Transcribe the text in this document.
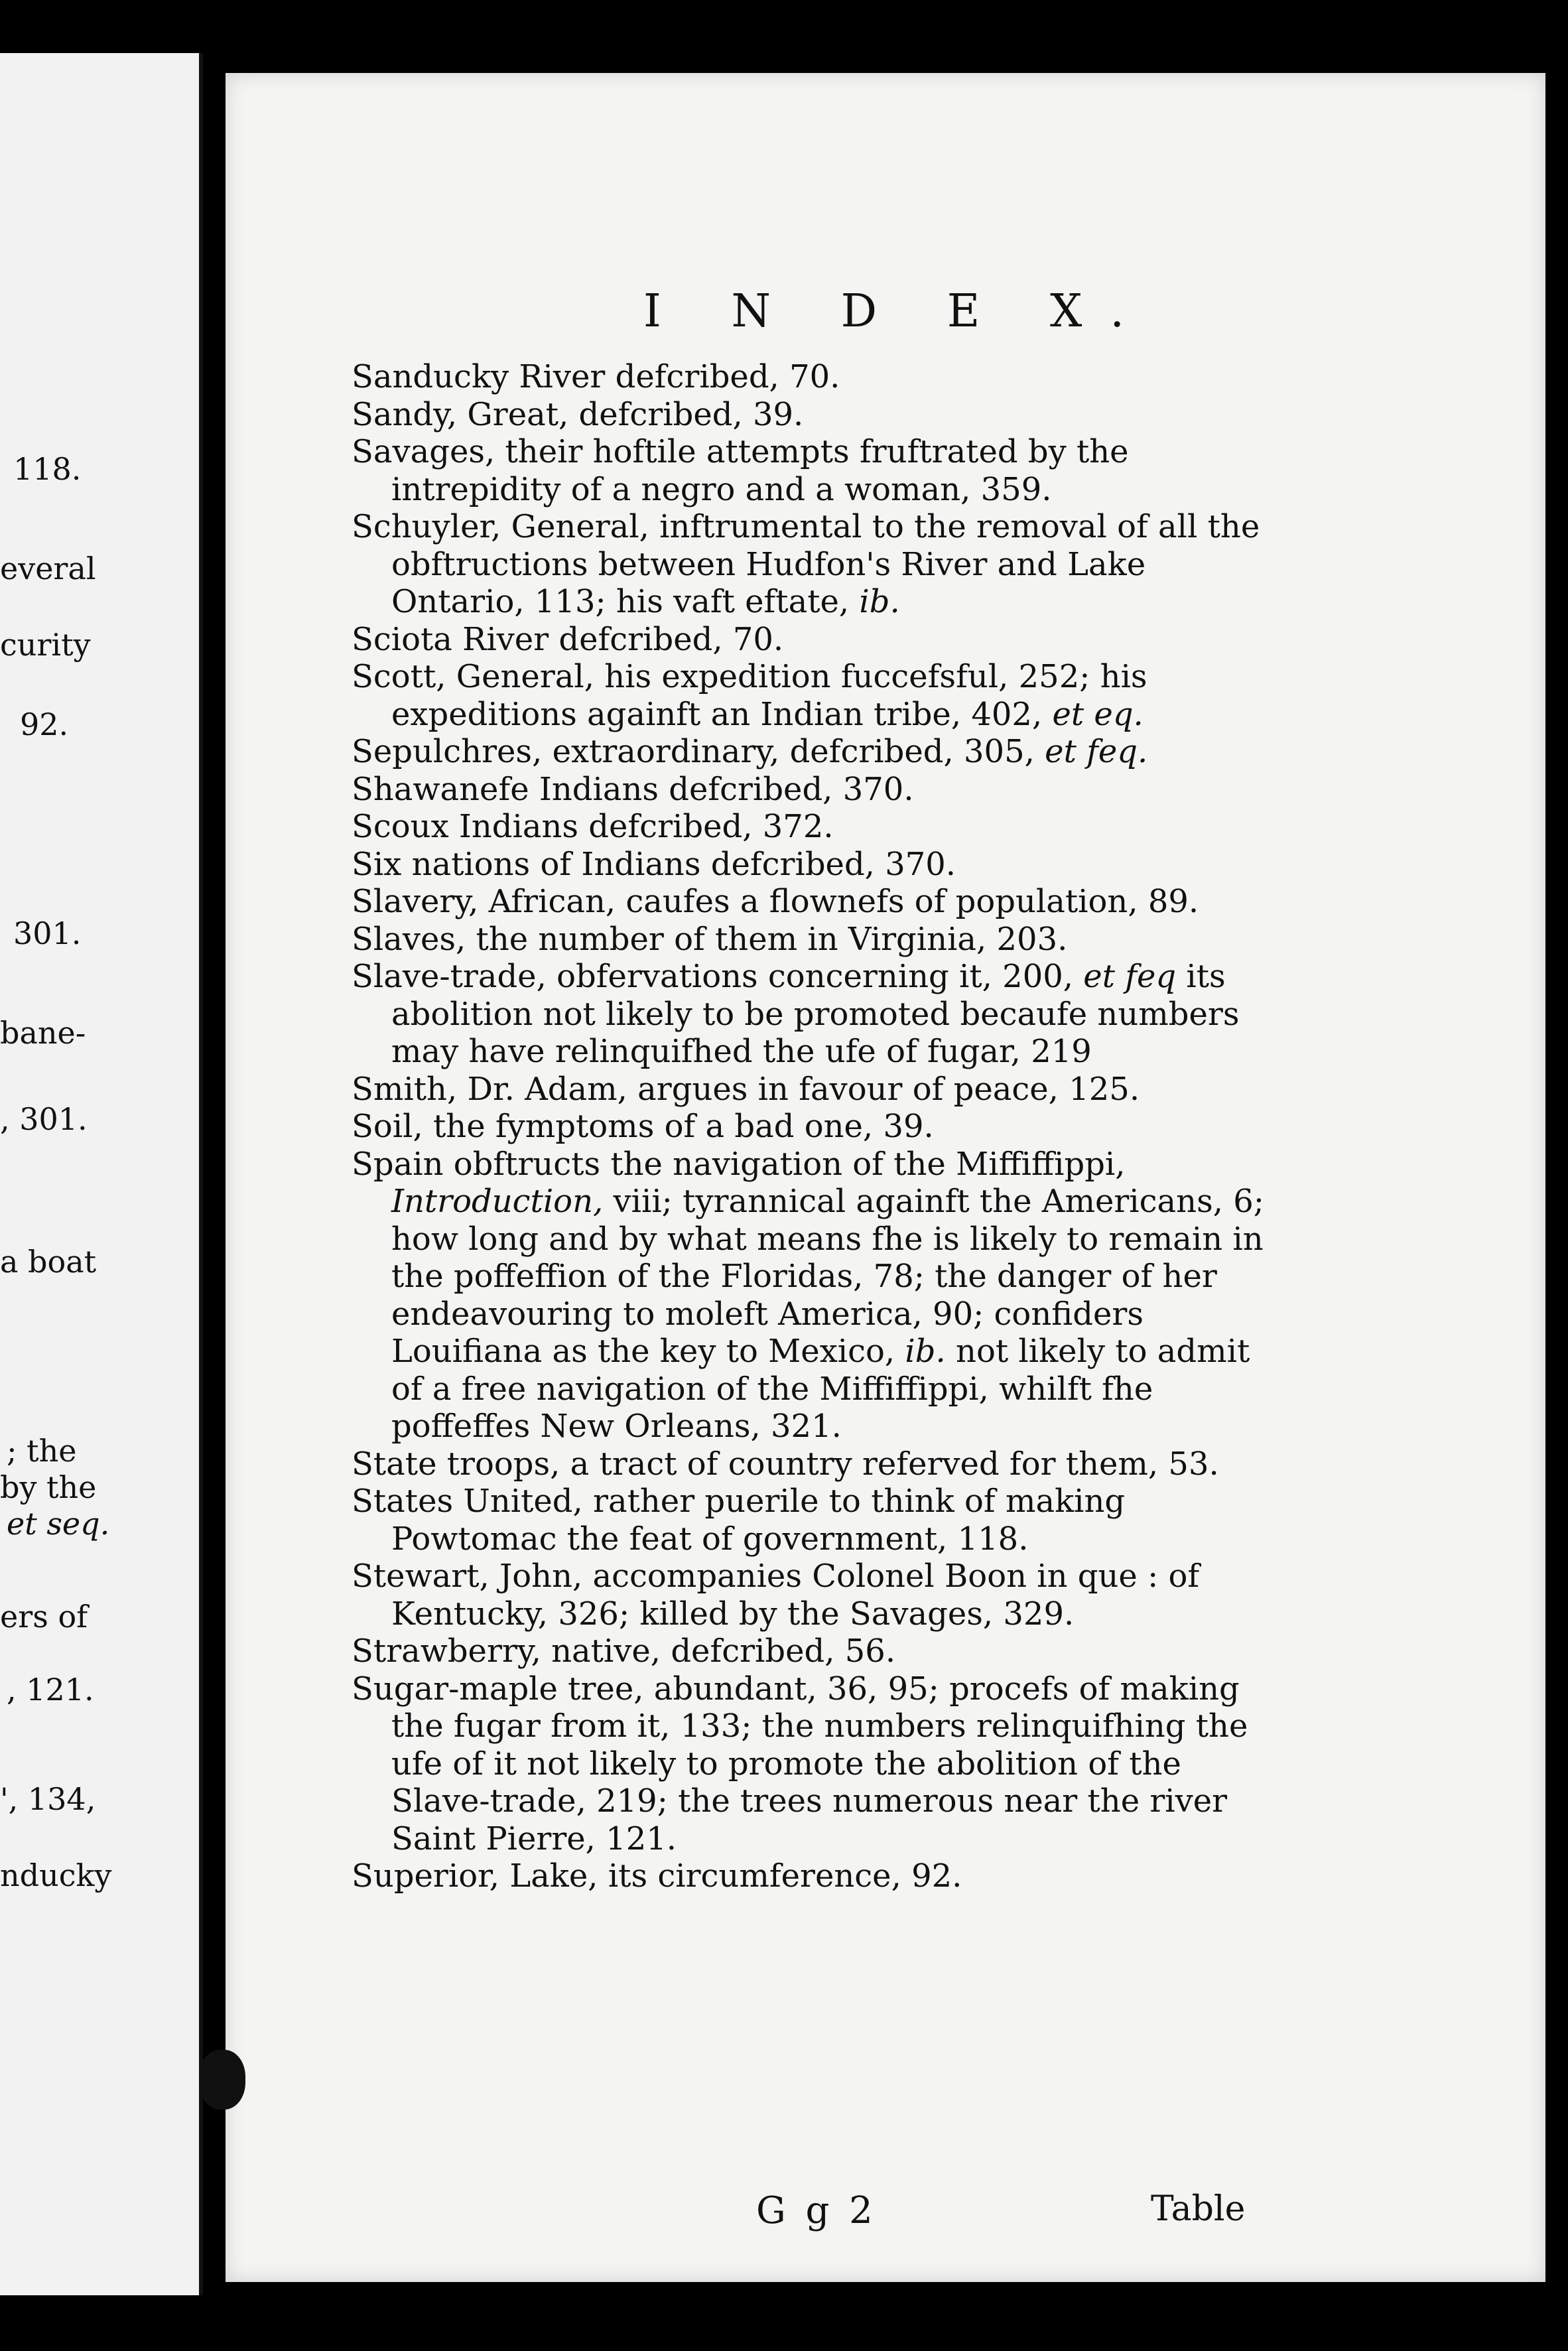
118.
everal
curity
92.
301.
bane-
, 301.
a boat
; the
by the
et seq.
ers of
, 121.
', 134,
nducky
I N D E X.

Sanducky River defcribed, 70.

Sandy, Great, defcribed, 39.

Savages, their hoftile attempts fruftrated by the intrepidity of a negro and a woman, 359.

Schuyler, General, inftrumental to the removal of all the obftructions between Hudfon's River and Lake Ontario, 113; his vaft eftate, ib.

Sciota River defcribed, 70.

Scott, General, his expedition fuccefsful, 252; his expeditions againft an Indian tribe, 402, et eq.

Sepulchres, extraordinary, defcribed, 305, et feq.

Shawanefe Indians defcribed, 370.

Scoux Indians defcribed, 372.

Six nations of Indians defcribed, 370.

Slavery, African, caufes a flownefs of population, 89.

Slaves, the number of them in Virginia, 203.

Slave-trade, obfervations concerning it, 200, et feq its abolition not likely to be promoted becaufe numbers may have relinquifhed the ufe of fugar, 219

Smith, Dr. Adam, argues in favour of peace, 125.

Soil, the fymptoms of a bad one, 39.

Spain obftructs the navigation of the Miffiffippi, Introduction, viii; tyrannical againft the Americans, 6; how long and by what means fhe is likely to remain in the poffeffion of the Floridas, 78; the danger of her endeavouring to moleft America, 90; confiders Louifiana as the key to Mexico, ib. not likely to admit of a free navigation of the Miffiffippi, whilft fhe poffeffes New Orleans, 321.

State troops, a tract of country referved for them, 53.

States United, rather puerile to think of making Powtomac the feat of government, 118.

Stewart, John, accompanies Colonel Boon in que : of Kentucky, 326; killed by the Savages, 329.

Strawberry, native, defcribed, 56.

Sugar-maple tree, abundant, 36, 95; procefs of making the fugar from it, 133; the numbers relinquifhing the ufe of it not likely to promote the abolition of the Slave-trade, 219; the trees numerous near the river Saint Pierre, 121.

Superior, Lake, its circumference, 92.

G g 2	Table
